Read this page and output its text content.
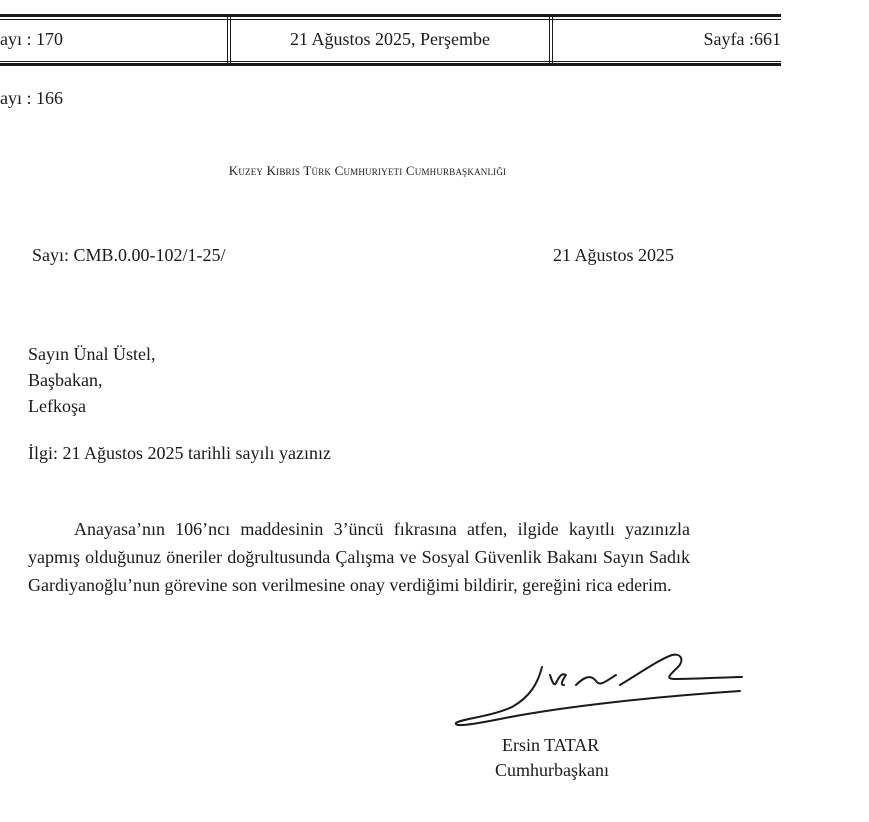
ayı : 170	21 Ağustos 2025, Perşembe	Sayfa :661
ayı : 166
Kuzey Kıbrıs Türk Cumhuriyeti Cumhurbaşkanlığı
Sayı: CMB.0.00-102/1-25/	21 Ağustos 2025
Sayın Ünal Üstel,
Başbakan,
Lefkoşa
İlgi: 21 Ağustos 2025 tarihli sayılı yazınız
Anayasa’nın 106’ncı maddesinin 3’üncü fıkrasına atfen, ilgide kayıtlı yazınızla yapmış olduğunuz öneriler doğrultusunda Çalışma ve Sosyal Güvenlik Bakanı Sayın Sadık Gardiyanoğlu’nun görevine son verilmesine onay verdiğimi bildirir, gereğini rica ederim.
Ersin TATAR
Cumhurbaşkanı
